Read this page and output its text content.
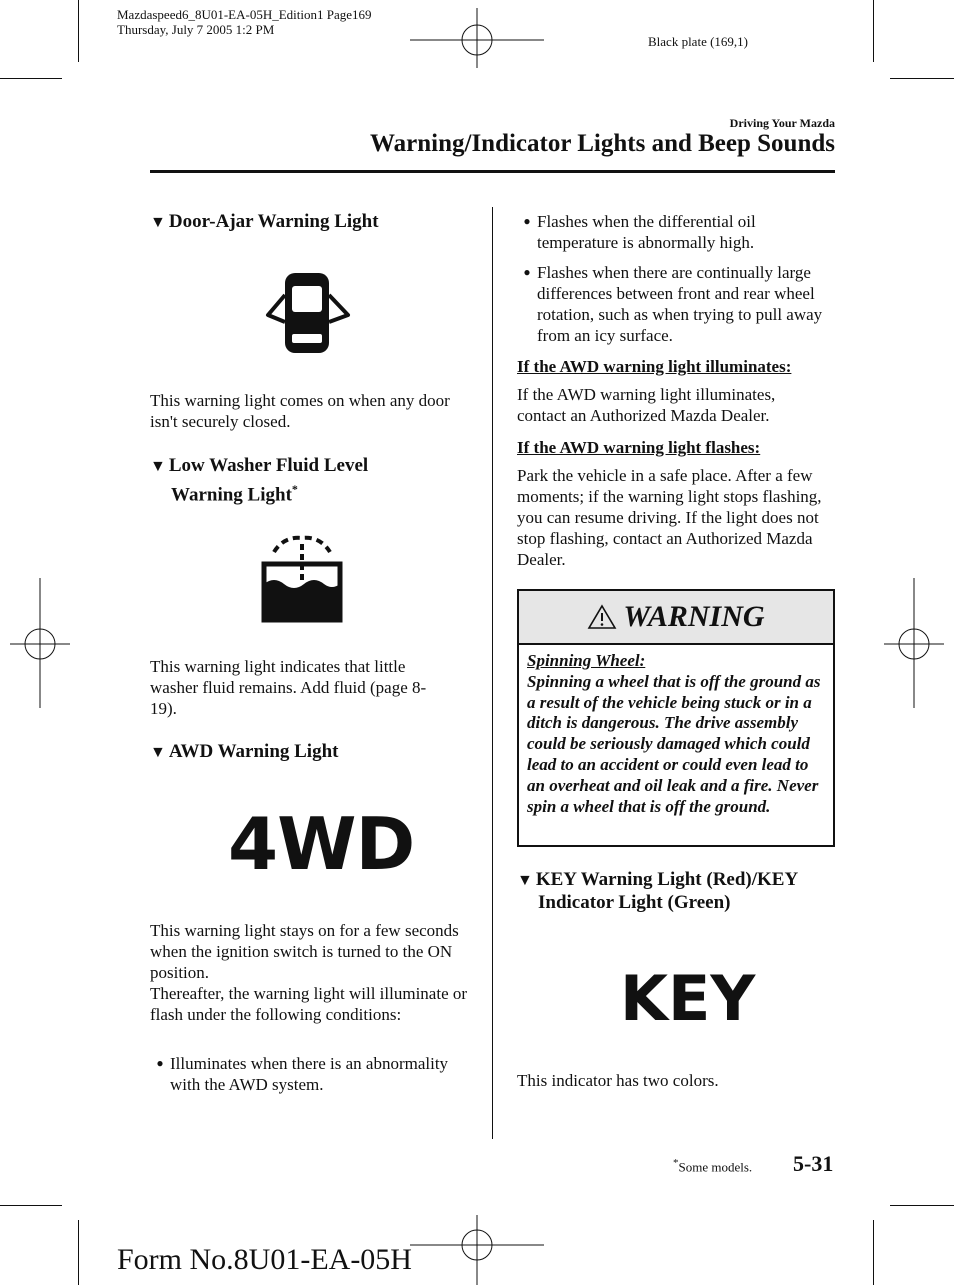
Mazdaspeed6_8U01-EA-05H_Edition1 Page169
Thursday, July 7 2005 1:2 PM
Black plate (169,1)
Driving Your Mazda
Warning/Indicator Lights and Beep Sounds
▼ Door-Ajar Warning Light
This warning light comes on when any door isn't securely closed.
▼ Low Washer Fluid Level
Warning Light*
This warning light indicates that little washer fluid remains. Add fluid (page 8-19).
▼ AWD Warning Light
4WD
This warning light stays on for a few seconds when the ignition switch is turned to the ON position.
Thereafter, the warning light will illuminate or flash under the following conditions:
● Illuminates when there is an abnormality with the AWD system.
● Flashes when the differential oil temperature is abnormally high.
● Flashes when there are continually large differences between front and rear wheel rotation, such as when trying to pull away from an icy surface.
If the AWD warning light illuminates:
If the AWD warning light illuminates, contact an Authorized Mazda Dealer.
If the AWD warning light flashes:
Park the vehicle in a safe place. After a few moments; if the warning light stops flashing, you can resume driving. If the light does not stop flashing, contact an Authorized Mazda Dealer.
WARNING
Spinning Wheel:
Spinning a wheel that is off the ground as a result of the vehicle being stuck or in a ditch is dangerous. The drive assembly could be seriously damaged which could lead to an accident or could even lead to an overheat and oil leak and a fire. Never spin a wheel that is off the ground.
▼ KEY Warning Light (Red)/KEY
Indicator Light (Green)
KEY
This indicator has two colors.
*Some models. 5-31
Form No.8U01-EA-05H
